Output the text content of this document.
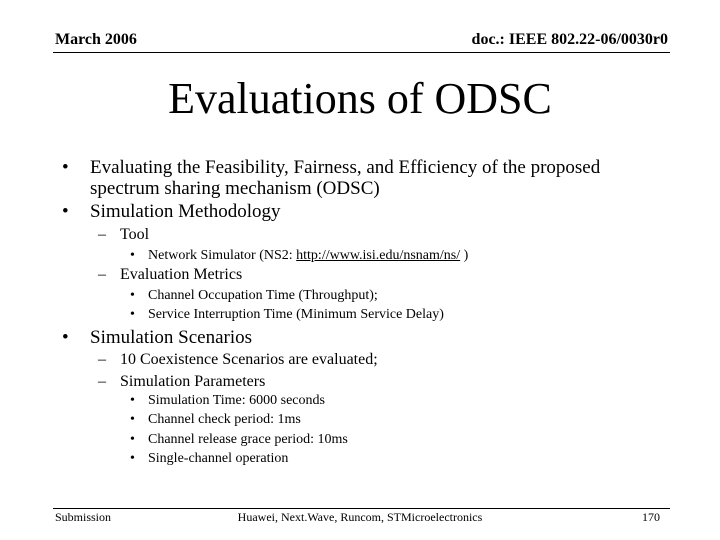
March 2006	doc.: IEEE 802.22-06/0030r0
Evaluations of ODSC
• Evaluating the Feasibility, Fairness, and Efficiency of the proposed spectrum sharing mechanism (ODSC)
• Simulation Methodology
– Tool
• Network Simulator (NS2: http://www.isi.edu/nsnam/ns/ )
– Evaluation Metrics
• Channel Occupation Time (Throughput);
• Service Interruption Time (Minimum Service Delay)
• Simulation Scenarios
– 10 Coexistence Scenarios are evaluated;
– Simulation Parameters
• Simulation Time: 6000 seconds
• Channel check period: 1ms
• Channel release grace period: 10ms
• Single-channel operation
Submission	Huawei, Next.Wave, Runcom, STMicroelectronics	170
